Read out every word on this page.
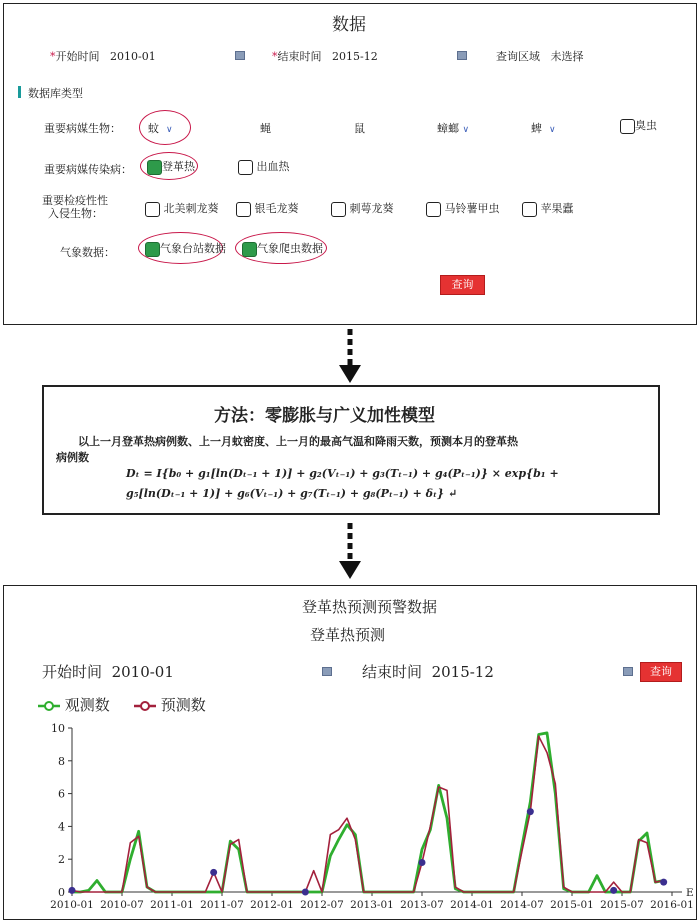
数据
*开始时间 2010-01	*结束时间 2015-12	查询区域 未选择
数据库类型
重要病媒生物： 蚊 ∨	蝇	鼠	蟑螂 ∨	蜱 ∨	臭虫
重要病媒传染病：	登革热	出血热
重要检疫性性
入侵生物：	北美刺龙葵	银毛龙葵	刺萼龙葵	马铃薯甲虫	苹果蠹
气象数据：	气象台站数据	气象爬虫数据
查询
方法：零膨胀与广义加性模型
以上一月登革热病例数、上一月蚊密度、上一月的最高气温和降雨天数，预测本月的登革热
病例数
Dₜ = I{b₀ + g₁[ln(Dₜ₋₁ + 1)] + g₂(Vₜ₋₁) + g₃(Tₜ₋₁) + g₄(Pₜ₋₁)} × exp{b₁ +
g₅[ln(Dₜ₋₁ + 1)] + g₆(Vₜ₋₁) + g₇(Tₜ₋₁) + g₈(Pₜ₋₁) + δₜ} ↵
登革热预测预警数据
登革热预测
开始时间 2010-01	结束时间 2015-12	查询
观测数	预测数
0
2
4
6
8
10
2010-01 2010-07 2011-01 2011-07 2012-01 2012-07 2013-01 2013-07 2014-01 2014-07 2015-01 2015-07 2016-01
E
